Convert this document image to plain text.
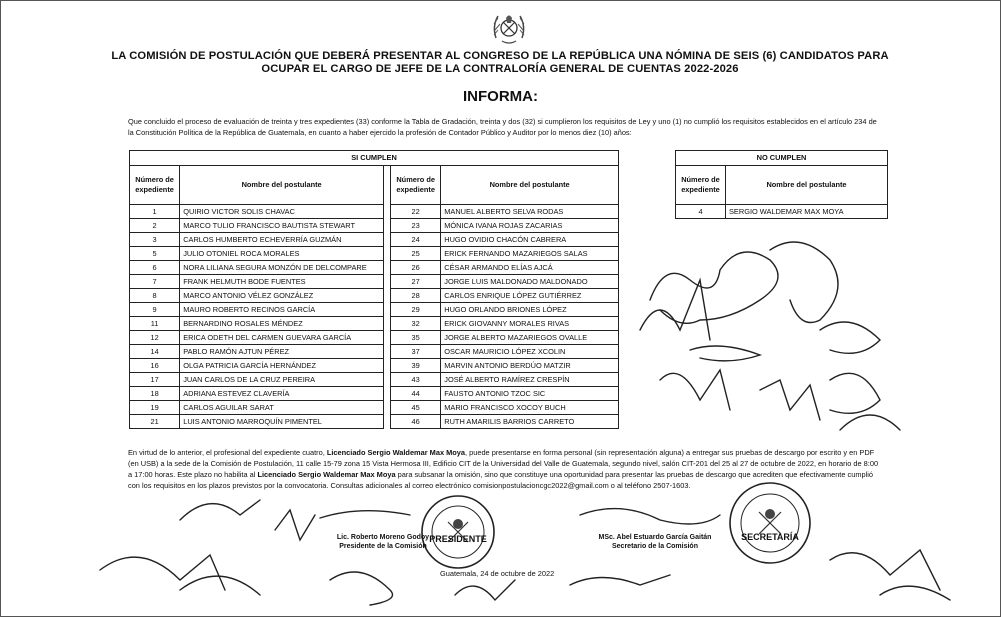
LA COMISIÓN DE POSTULACIÓN QUE DEBERÁ PRESENTAR AL CONGRESO DE LA REPÚBLICA UNA NÓMINA DE SEIS (6) CANDIDATOS PARA
OCUPAR EL CARGO DE JEFE DE LA CONTRALORÍA GENERAL DE CUENTAS 2022-2026
INFORMA:
Que concluido el proceso de evaluación de treinta y tres expedientes (33) conforme la Tabla de Gradación, treinta y dos (32) si cumplieron los requisitos de Ley y uno (1) no cumplió los requisitos establecidos en el artículo 234 de la Constitución Política de la República de Guatemala, en cuanto a haber ejercido la profesión de Contador Público y Auditor por lo menos diez (10) años:
SI CUMPLEN				
Número de expediente	Nombre del postulante		Número de expediente	Nombre del postulante
1	QUIRIO VICTOR SOLIS CHAVAC		22	MANUEL ALBERTO SELVA RODAS
2	MARCO TULIO FRANCISCO BAUTISTA STEWART		23	MÓNICA IVANA ROJAS ZACARIAS
3	CARLOS HUMBERTO ECHEVERRÍA GUZMÁN		24	HUGO OVIDIO CHACÓN CABRERA
5	JULIO OTONIEL ROCA MORALES		25	ERICK FERNANDO MAZARIEGOS SALAS
6	NORA LILIANA SEGURA MONZÓN DE DELCOMPARE		26	CÉSAR ARMANDO ELÍAS AJCÁ
7	FRANK HELMUTH BODE FUENTES		27	JORGE LUIS MALDONADO MALDONADO
8	MARCO ANTONIO VÉLEZ GONZÁLEZ		28	CARLOS ENRIQUE LÓPEZ GUTIÉRREZ
9	MAURO ROBERTO RECINOS GARCÍA		29	HUGO ORLANDO BRIONES LÓPEZ
11	BERNARDINO ROSALES MÉNDEZ		32	ERICK GIOVANNY MORALES RIVAS
12	ERICA ODETH DEL CARMEN GUEVARA GARCÍA		35	JORGE ALBERTO MAZARIEGOS OVALLE
14	PABLO RAMÓN AJTUN PÉREZ		37	OSCAR MAURICIO LÓPEZ XCOLIN
16	OLGA PATRICIA GARCÍA HERNÁNDEZ		39	MARVIN ANTONIO BERDÚO MATZIR
17	JUAN CARLOS DE LA CRUZ PEREIRA		43	JOSÉ ALBERTO RAMÍREZ CRESPÍN
18	ADRIANA ESTEVEZ CLAVERÍA		44	FAUSTO ANTONIO TZOC SIC
19	CARLOS AGUILAR SARAT		45	MARIO FRANCISCO XOCOY BUCH
21	LUIS ANTONIO MARROQUÍN PIMENTEL		46	RUTH AMARILIS BARRIOS CARRETO
NO CUMPLEN	
Número de expediente	Nombre del postulante
4	SERGIO WALDEMAR MAX MOYA
En virtud de lo anterior, el profesional del expediente cuatro, Licenciado Sergio Waldemar Max Moya, puede presentarse en forma personal (sin representación alguna) a entregar sus pruebas de descargo por escrito y en PDF (en USB) a la sede de la Comisión de Postulación, 11 calle 15-79 zona 15 Vista Hermosa III, Edificio CIT de la Universidad del Valle de Guatemala, segundo nivel, salón CIT-201 del 25 al 27 de octubre de 2022, en horario de 8:00 a 17:00 horas. Este plazo no habilita al Licenciado Sergio Waldemar Max Moya para subsanar la omisión, sino que constituye una oportunidad para presentar las pruebas de descargo que acrediten que efectivamente cumplió con los requisitos en los plazos previstos por la convocatoria. Consultas adicionales al correo electrónico comisionpostulacioncgc2022@gmail.com o al teléfono 2507-1603.
PRESIDENTE	SECRETARÍA
Lic. Roberto Moreno Godoy
Presidente de la Comisión
MSc. Abel Estuardo García Gaitán
Secretario de la Comisión
Guatemala, 24 de octubre de 2022
